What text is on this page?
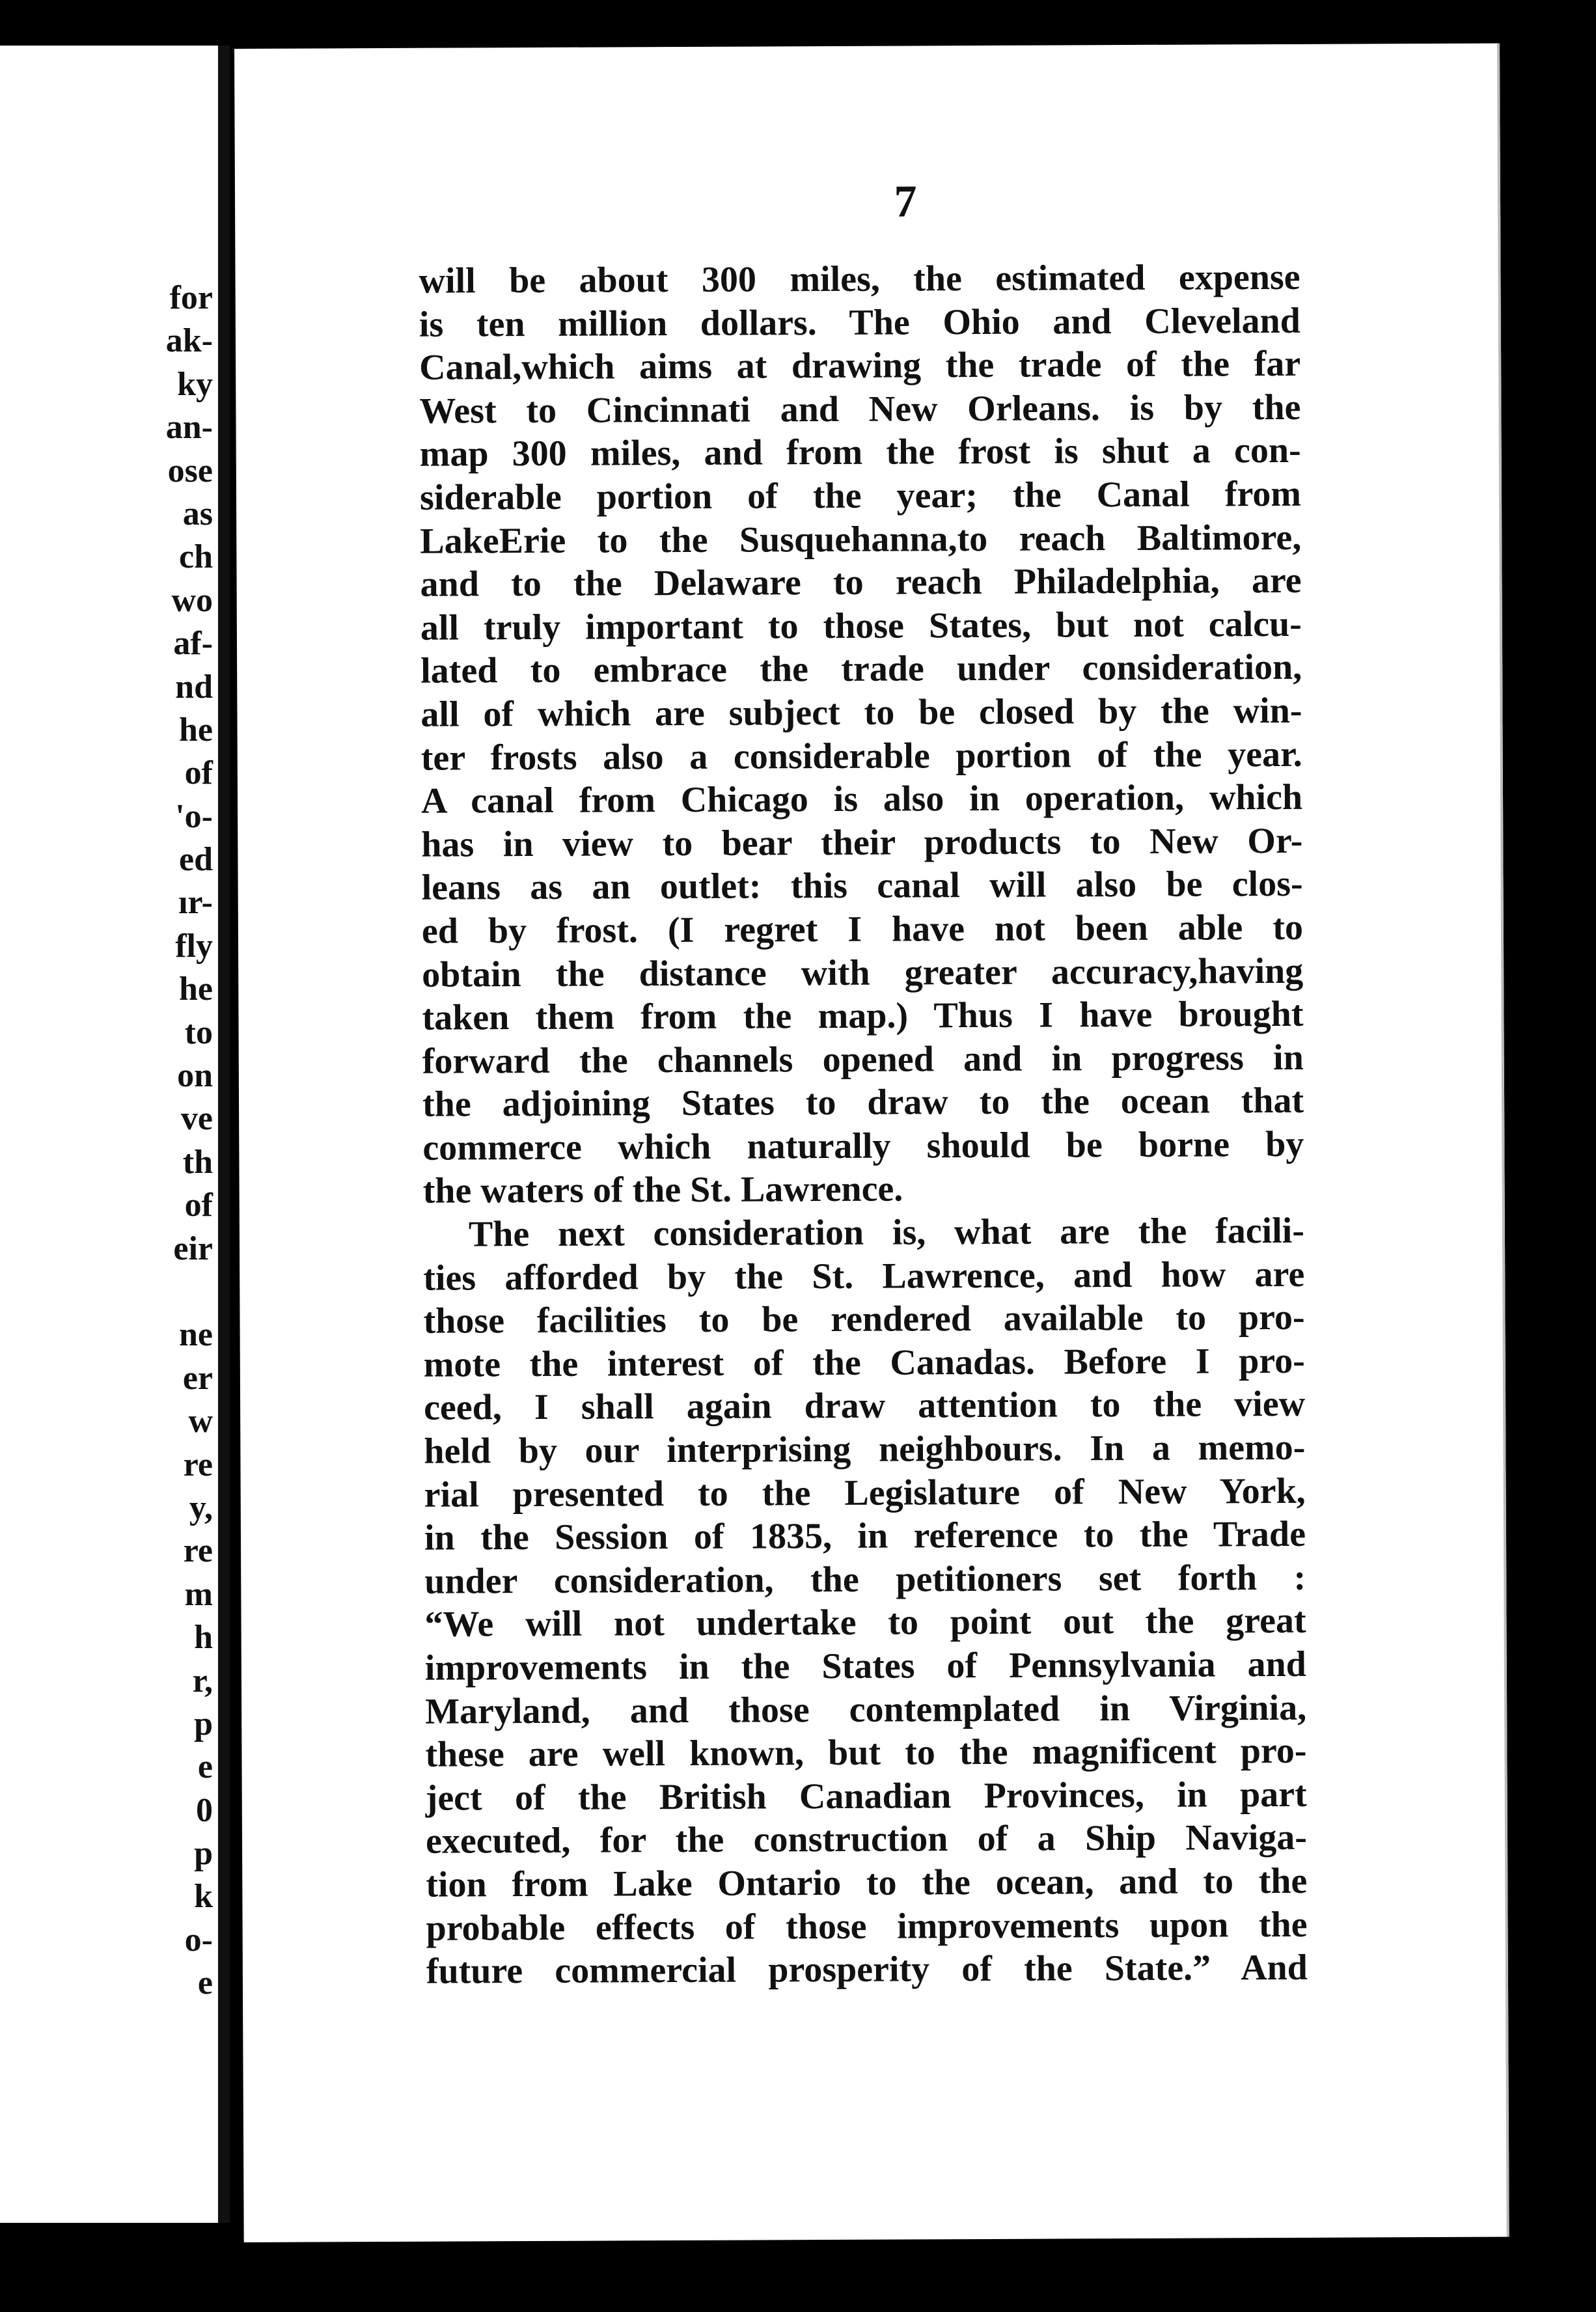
for
ak-
ky
an-
ose
as
ch
wo
af-
nd
he
of
'o-
ed
ır-
fly
he
to
on
ve
th
of
eir
ne
er
w
re
y,
re
m
h
r,
p
e
0
p
k
o-
e
7
will be about 300 miles, the estimated expense
is ten million dollars. The Ohio and Cleveland
Canal,which aims at drawing the trade of the far
West to Cincinnati and New Orleans. is by the
map 300 miles, and from the frost is shut a con-
siderable portion of the year; the Canal from
LakeErie to the Susquehanna,to reach Baltimore,
and to the Delaware to reach Philadelphia, are
all truly important to those States, but not calcu-
lated to embrace the trade under consideration,
all of which are subject to be closed by the win-
ter frosts also a considerable portion of the year.
A canal from Chicago is also in operation, which
has in view to bear their products to New Or-
leans as an outlet: this canal will also be clos-
ed by frost. (I regret I have not been able to
obtain the distance with greater accuracy,having
taken them from the map.) Thus I have brought
forward the channels opened and in progress in
the adjoining States to draw to the ocean that
commerce which naturally should be borne by
the waters of the St. Lawrence.
The next consideration is, what are the facili-
ties afforded by the St. Lawrence, and how are
those facilities to be rendered available to pro-
mote the interest of the Canadas. Before I pro-
ceed, I shall again draw attention to the view
held by our interprising neighbours. In a memo-
rial presented to the Legislature of New York,
in the Session of 1835, in reference to the Trade
under consideration, the petitioners set forth :
“We will not undertake to point out the great
improvements in the States of Pennsylvania and
Maryland, and those contemplated in Virginia,
these are well known, but to the magnificent pro-
ject of the British Canadian Provinces, in part
executed, for the construction of a Ship Naviga-
tion from Lake Ontario to the ocean, and to the
probable effects of those improvements upon the
future commercial prosperity of the State.” And
